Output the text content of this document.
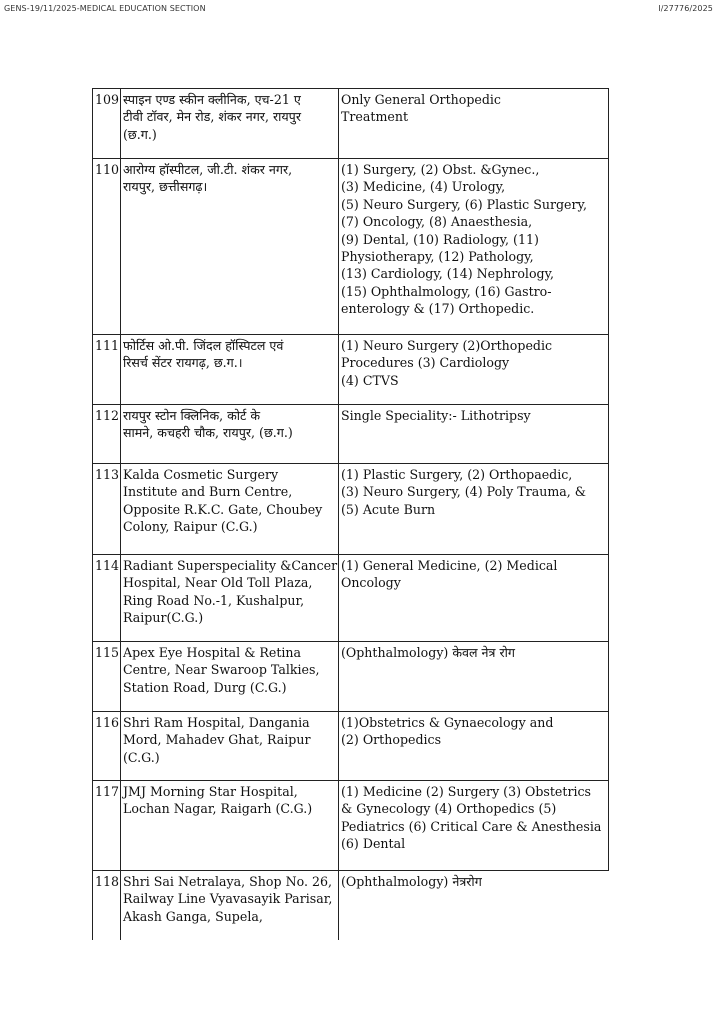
GENS-19/11/2025-MEDICAL EDUCATION SECTION	I/27776/2025
109 स्पाइन एण्ड स्कीन क्लीनिक, एच-21 ए
टीवी टॉवर, मेन रोड, शंकर नगर, रायपुर
(छ.ग.)
Only General Orthopedic
Treatment
110 आरोग्य हॉस्पीटल, जी.टी. शंकर नगर,
रायपुर, छत्तीसगढ़।
(1) Surgery, (2) Obst. &Gynec.,
(3) Medicine, (4) Urology,
(5) Neuro Surgery, (6) Plastic Surgery,
(7) Oncology, (8) Anaesthesia,
(9) Dental, (10) Radiology, (11)
Physiotherapy, (12) Pathology,
(13) Cardiology, (14) Nephrology,
(15) Ophthalmology, (16) Gastro-
enterology & (17) Orthopedic.
111 फोर्टिस ओ.पी. जिंदल हॉस्पिटल एवं
रिसर्च सेंटर रायगढ़, छ.ग.।
(1) Neuro Surgery (2)Orthopedic
Procedures (3) Cardiology
(4) CTVS
112 रायपुर स्टोन क्लिनिक, कोर्ट के
सामने, कचहरी चौक, रायपुर, (छ.ग.)
Single Speciality:- Lithotripsy
113 Kalda Cosmetic Surgery
Institute and Burn Centre,
Opposite R.K.C. Gate, Choubey
Colony, Raipur (C.G.)
(1) Plastic Surgery, (2) Orthopaedic,
(3) Neuro Surgery, (4) Poly Trauma, &
(5) Acute Burn
114 Radiant Superspeciality &Cancer
Hospital, Near Old Toll Plaza,
Ring Road No.-1, Kushalpur,
Raipur(C.G.)
(1) General Medicine, (2) Medical
Oncology
115 Apex Eye Hospital & Retina
Centre, Near Swaroop Talkies,
Station Road, Durg (C.G.)
(Ophthalmology) केवल नेत्र रोग
116 Shri Ram Hospital, Dangania
Mord, Mahadev Ghat, Raipur
(C.G.)
(1)Obstetrics & Gynaecology and
(2) Orthopedics
117 JMJ Morning Star Hospital,
Lochan Nagar, Raigarh (C.G.)
(1) Medicine (2) Surgery (3) Obstetrics
& Gynecology (4) Orthopedics (5)
Pediatrics (6) Critical Care & Anesthesia
(6) Dental
118 Shri Sai Netralaya, Shop No. 26,
Railway Line Vyavasayik Parisar,
Akash Ganga, Supela,
(Ophthalmology) नेत्ररोग
